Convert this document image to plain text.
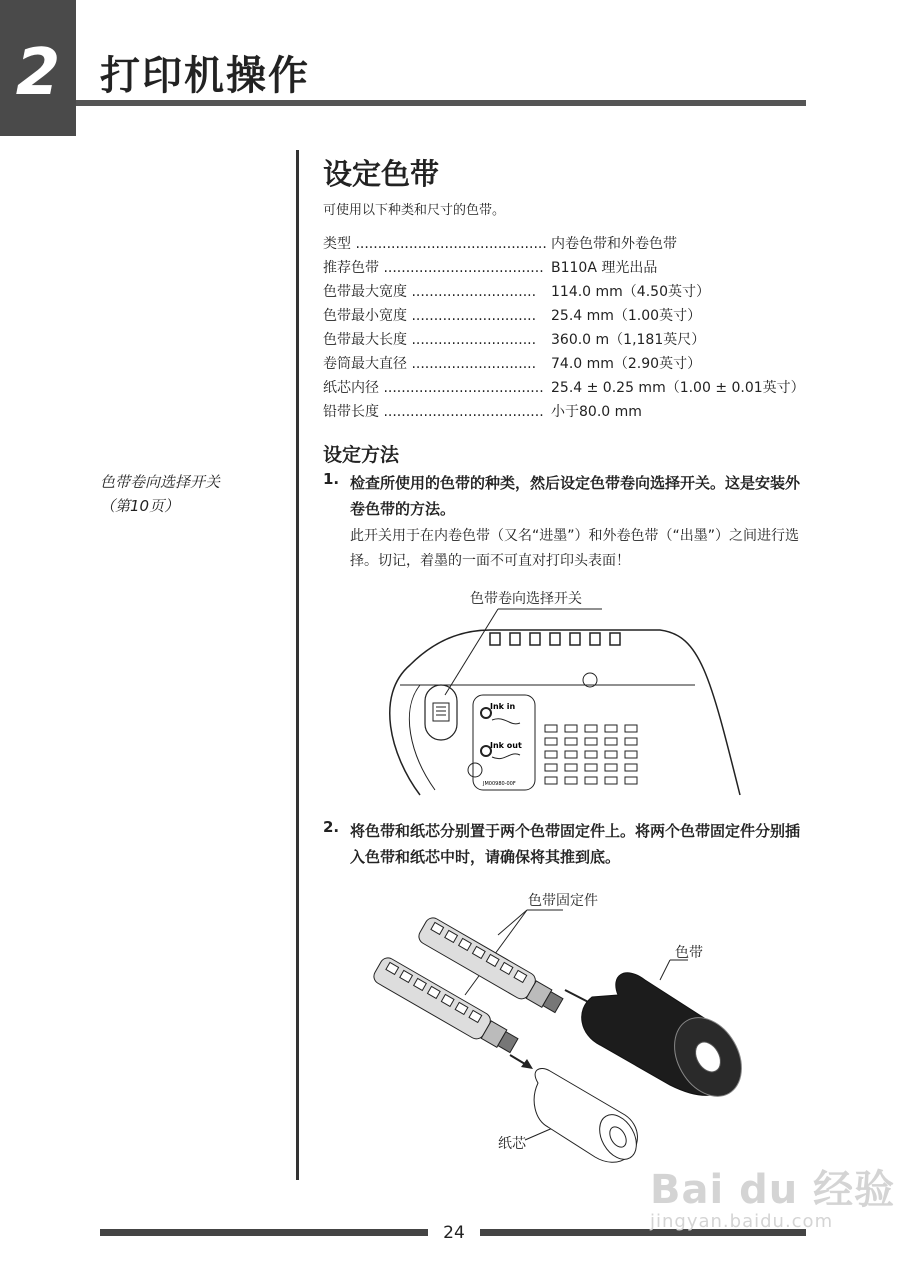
2 打印机操作
色带卷向选择开关
（第10页）
设定色带
可使用以下种类和尺寸的色带。
类型 ........................................... 内卷色带和外卷色带
推荐色带 .................................... B110A 理光出品
色带最大宽度 ............................	114.0 mm（4.50英寸）
色带最小宽度 ............................	25.4 mm（1.00英寸）
色带最大长度 ............................	360.0 m（1,181英尺）
卷筒最大直径 ............................	74.0 mm（2.90英寸）
纸芯内径 .................................... 25.4 ± 0.25 mm（1.00 ± 0.01英寸）
铅带长度 .................................... 小于80.0 mm
设定方法
1. 检查所使用的色带的种类，然后设定色带卷向选择开关。这是安装外卷色带的方法。
此开关用于在内卷色带（又名“进墨”）和外卷色带（“出墨”）之间进行选择。切记，着墨的一面不可直对打印头表面！
色带卷向选择开关
Ink in
Ink out
JM00980-00F
2. 将色带和纸芯分别置于两个色带固定件上。将两个色带固定件分别插入色带和纸芯中时，请确保将其推到底。
色带固定件
色带
纸芯
24
Bai du 经验
jingyan.baidu.com
